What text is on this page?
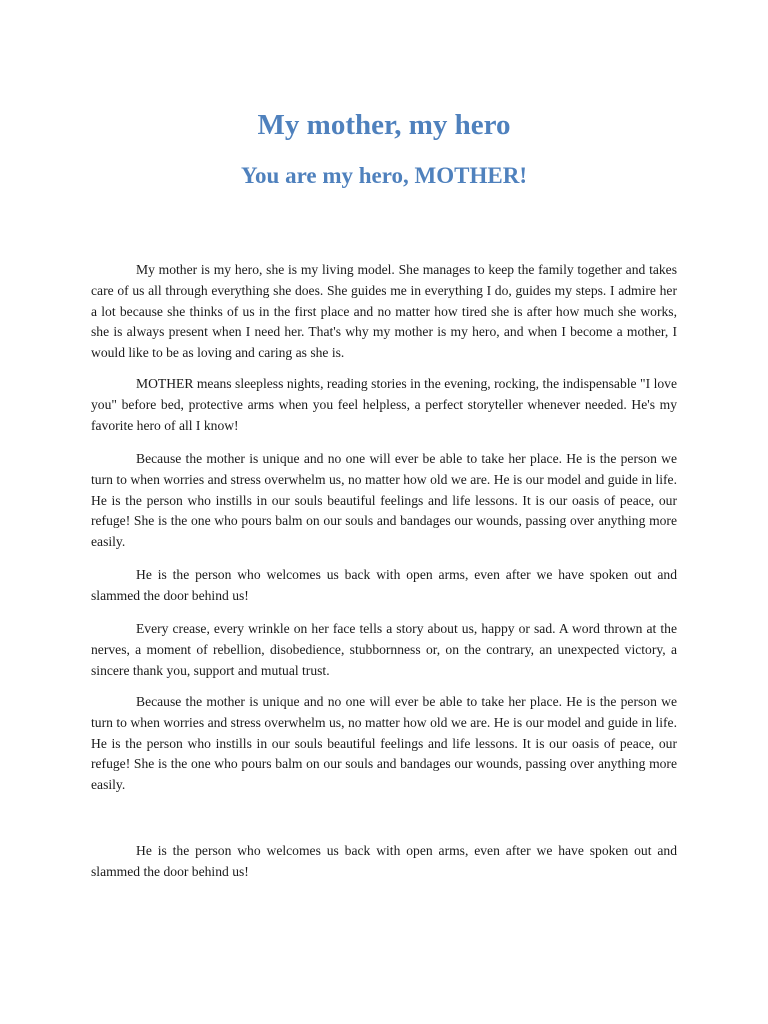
My mother, my hero
You are my hero, MOTHER!

My mother is my hero, she is my living model. She manages to keep the family together and takes care of us all through everything she does. She guides me in everything I do, guides my steps. I admire her a lot because she thinks of us in the first place and no matter how tired she is after how much she works, she is always present when I need her. That's why my mother is my hero, and when I become a mother, I would like to be as loving and caring as she is.

MOTHER means sleepless nights, reading stories in the evening, rocking, the indispensable "I love you" before bed, protective arms when you feel helpless, a perfect storyteller whenever needed. He's my favorite hero of all I know!

Because the mother is unique and no one will ever be able to take her place. He is the person we turn to when worries and stress overwhelm us, no matter how old we are. He is our model and guide in life. He is the person who instills in our souls beautiful feelings and life lessons. It is our oasis of peace, our refuge! She is the one who pours balm on our souls and bandages our wounds, passing over anything more easily.

He is the person who welcomes us back with open arms, even after we have spoken out and slammed the door behind us!

Every crease, every wrinkle on her face tells a story about us, happy or sad. A word thrown at the nerves, a moment of rebellion, disobedience, stubbornness or, on the contrary, an unexpected victory, a sincere thank you, support and mutual trust.

Because the mother is unique and no one will ever be able to take her place. He is the person we turn to when worries and stress overwhelm us, no matter how old we are. He is our model and guide in life. He is the person who instills in our souls beautiful feelings and life lessons. It is our oasis of peace, our refuge! She is the one who pours balm on our souls and bandages our wounds, passing over anything more easily.

He is the person who welcomes us back with open arms, even after we have spoken out and slammed the door behind us!
